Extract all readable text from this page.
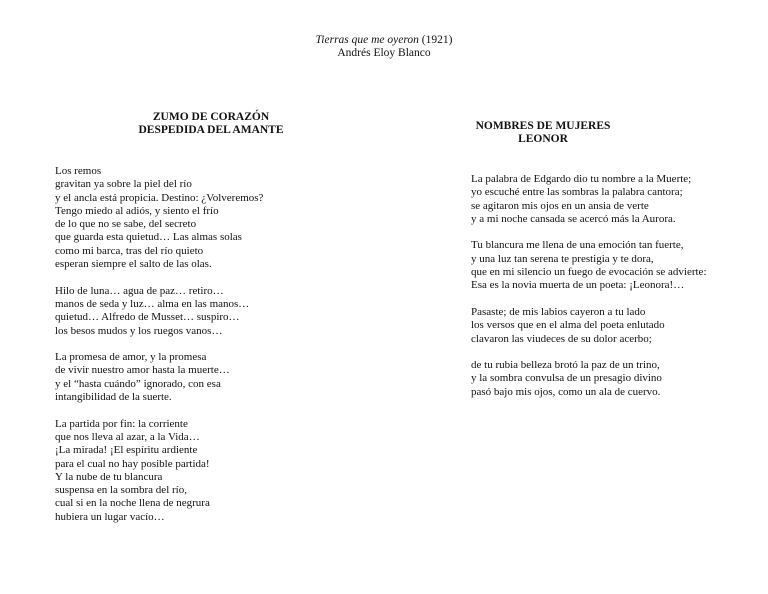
Tierras que me oyeron (1921)
Andrés Eloy Blanco
ZUMO DE CORAZÓN
DESPEDIDA DEL AMANTE
Los remos
gravitan ya sobre la piel del río
y el ancla está propicia. Destino: ¿Volveremos?
Tengo miedo al adiós, y siento el frío
de lo que no se sabe, del secreto
que guarda esta quietud… Las almas solas
como mi barca, tras del río quieto
esperan siempre el salto de las olas.
Hilo de luna… agua de paz… retiro…
manos de seda y luz… alma en las manos…
quietud… Alfredo de Musset… suspiro…
los besos mudos y los ruegos vanos…
La promesa de amor, y la promesa
de vivir nuestro amor hasta la muerte…
y el “hasta cuándo” ignorado, con esa
intangibilidad de la suerte.
La partida por fin: la corriente
que nos lleva al azar, a la Vida…
¡La mirada! ¡El espíritu ardiente
para el cual no hay posible partida!
Y la nube de tu blancura
suspensa en la sombra del río,
cual si en la noche llena de negrura
hubiera un lugar vacío…
NOMBRES DE MUJERES
LEONOR
La palabra de Edgardo dio tu nombre a la Muerte;
yo escuché entre las sombras la palabra cantora;
se agitaron mis ojos en un ansia de verte
y a mi noche cansada se acercó más la Aurora.
Tu blancura me llena de una emoción tan fuerte,
y una luz tan serena te prestigia y te dora,
que en mi silencio un fuego de evocación se advierte:
Esa es la novia muerta de un poeta: ¡Leonora!…
Pasaste; de mis labios cayeron a tu lado
los versos que en el alma del poeta enlutado
clavaron las viudeces de su dolor acerbo;
de tu rubia belleza brotó la paz de un trino,
y la sombra convulsa de un presagio divino
pasó bajo mis ojos, como un ala de cuervo.
